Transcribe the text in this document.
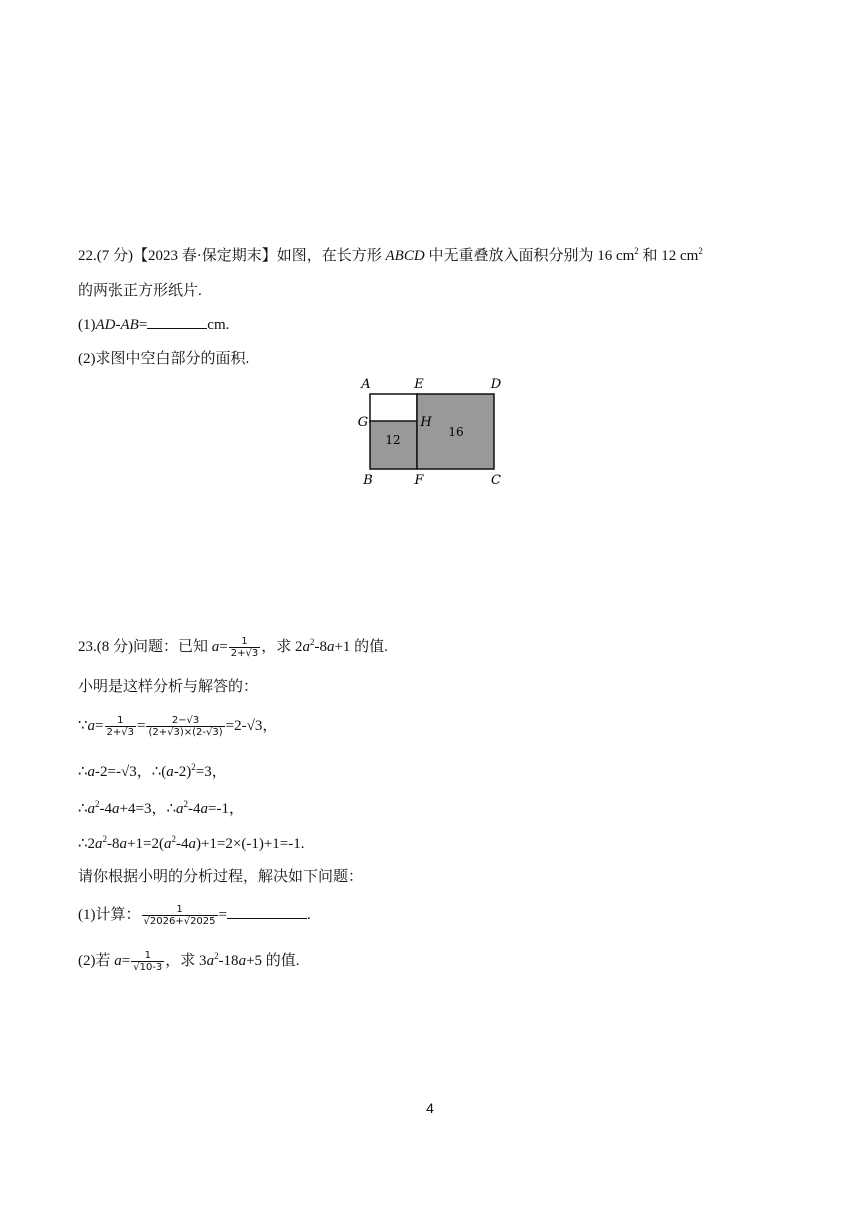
22.(7 分)【2023 春·保定期末】如图，在长方形 ABCD 中无重叠放入面积分别为 16 $cm^2$ 和 12 $cm^2$
的两张正方形纸片.
(1)AD-AB=	cm.
(2)求图中空白部分的面积.
A	E	D
G	H
B	F	C
12
16
23.(8 分)问题：已知 $a= \frac{1}{2+√3}$ ，求 $2a^2-8a+1$ 的值.
小明是这样分析与解答的：
∵a= $\frac{1}{2+√3} = \frac{2-√3}{(2+√3)\times(2-√3)} =2-√3$，
∴a-2=-√3，$\therefore(a-2)^2=3$，
$\therefore a^2-4a+4=3$，$\therefore a^2-4a=-1$，
$\therefore 2a^2-8a+1=2(a^2-4a)+1=2\times(-1)+1=-1$.
请你根据小明的分析过程，解决如下问题：
(1)计算： $\frac{1}{√2026+√2025}$ =	.
(2)若 $a= \frac{1}{√10-3}$ ，求 $3a^2-18a+5$ 的值.
4
